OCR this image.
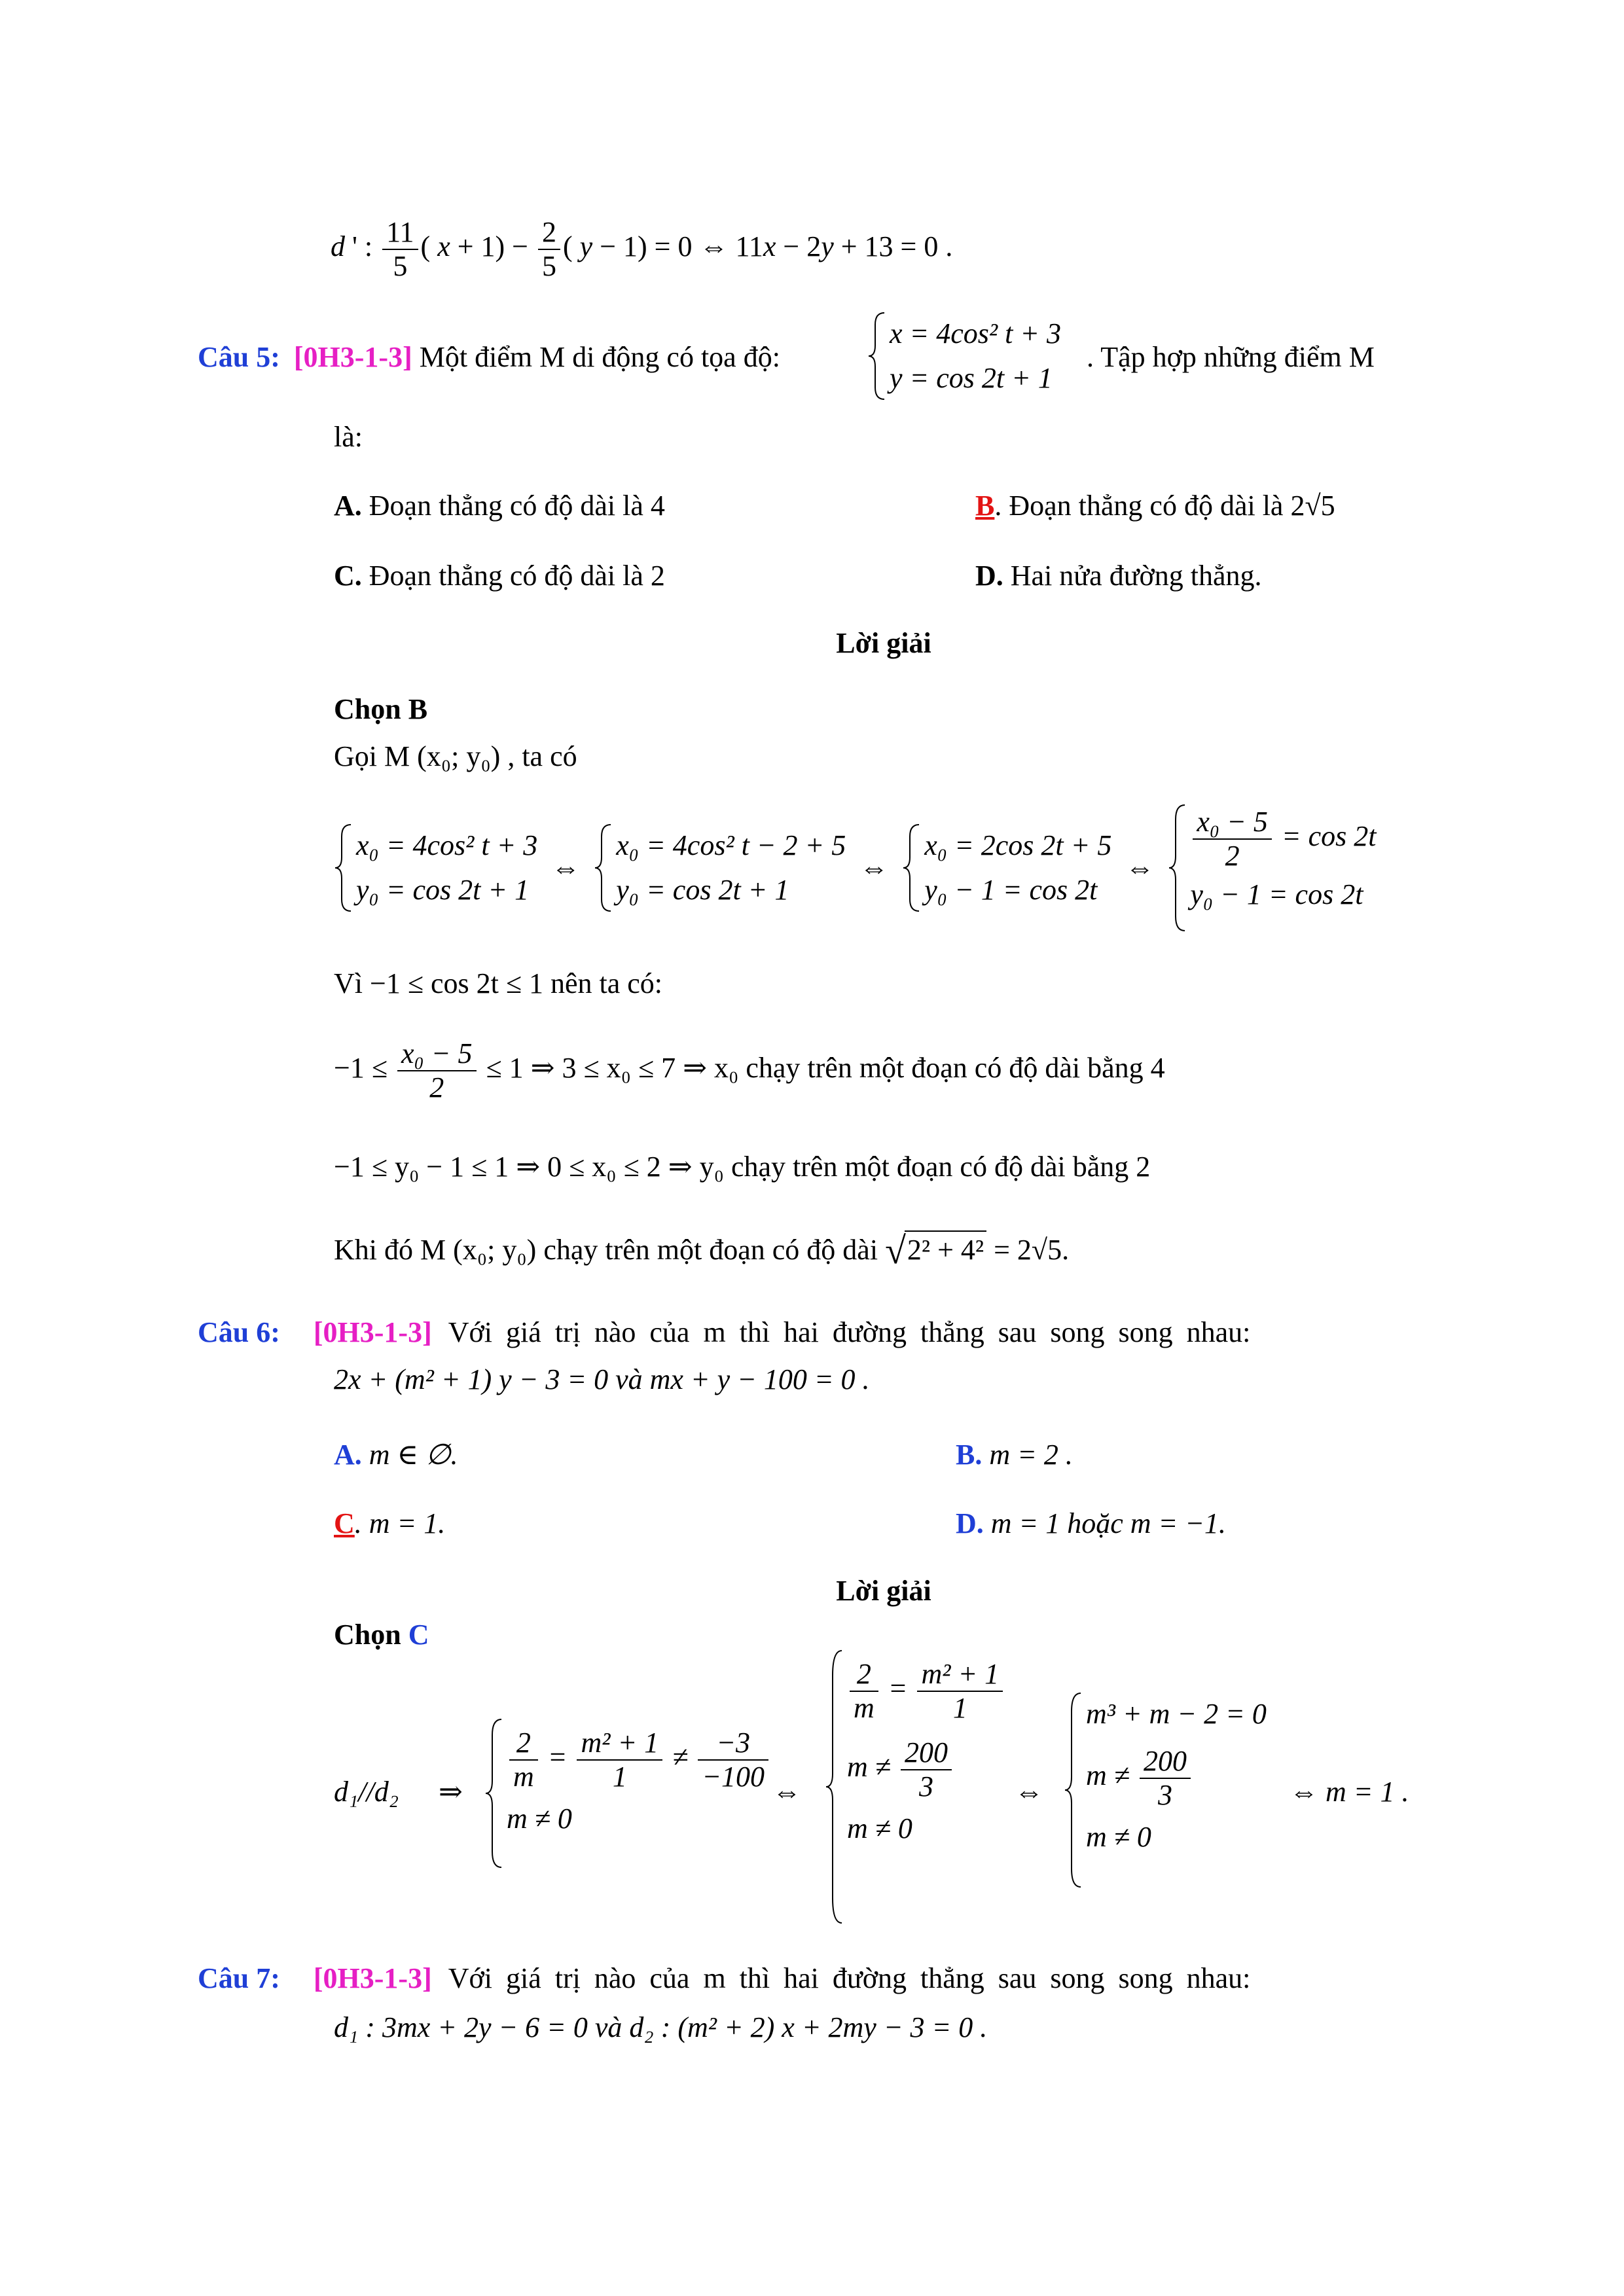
d ' : $\frac{11}{5}$ ( $x + 1) - \frac{2}{5}$ ( y − 1) = 0 ⇔ 11x − 2y + 13 = 0 .
Câu 5: [0H3-1-3] Một điểm M di động có tọa độ:
x = 4cos² t + 3
y = cos 2t + 1
. Tập hợp những điểm M
là:
A. Đoạn thẳng có độ dài là 4	B. Đoạn thẳng có độ dài là 2√5
C. Đoạn thẳng có độ dài là 2	D. Hai nửa đường thẳng.
Lời giải
Chọn B
Gọi M (x₀; y₀) , ta có
x₀ = 4cos² t + 3
y₀ = cos 2t + 1
⇔
x₀ = 4cos² t − 2 + 5
y₀ = cos 2t + 1
⇔
x₀ = 2cos 2t + 5
y₀ − 1 = cos 2t
⇔ $\frac{\text{x₀ − 5}}{2} = \cos 2t$
y₀ − 1 = cos 2t
Vì −1 ≤ cos 2t ≤ 1 nên ta có:
$-1 \le \frac{\text{x₀ − 5}}{2} \le 1$ ⇒ 3 ≤ x₀ ≤ 7 ⇒ x₀ chạy trên một đoạn có độ dài bằng 4
−1 ≤ y₀ − 1 ≤ 1 ⇒ 0 ≤ x₀ ≤ 2 ⇒ y₀ chạy trên một đoạn có độ dài bằng 2
Khi đó M (x₀; y₀) chạy trên một đoạn có độ dài √2² + 4² = 2√5.
Câu 6: [0H3-1-3] Với giá trị nào của m thì hai đường thẳng sau song song nhau:
2x + (m² + 1) y − 3 = 0 và mx + y − 100 = 0 .
A. m ∈ ∅.	B. m = 2 .
C. m = 1.	D. m = 1 hoặc m = −1.
Lời giải
Chọn C
d₁//d₂ ⇒ $\frac{2}{m} = \frac{\text{m² + 1}}{1} \ne \frac{-3}{-100}$
m ≠ 0
⇔
$\frac{2}{m} = \frac{\text{m² + 1}}{1}$
$m \ne \frac{200}{3}$
m ≠ 0
⇔
m³ + m − 2 = 0
$m \ne \frac{200}{3}$
m ≠ 0
⇔ m = 1 .
Câu 7: [0H3-1-3] Với giá trị nào của m thì hai đường thẳng sau song song nhau:
d₁ : 3mx + 2y − 6 = 0 và d₂ : (m² + 2) x + 2my − 3 = 0 .
